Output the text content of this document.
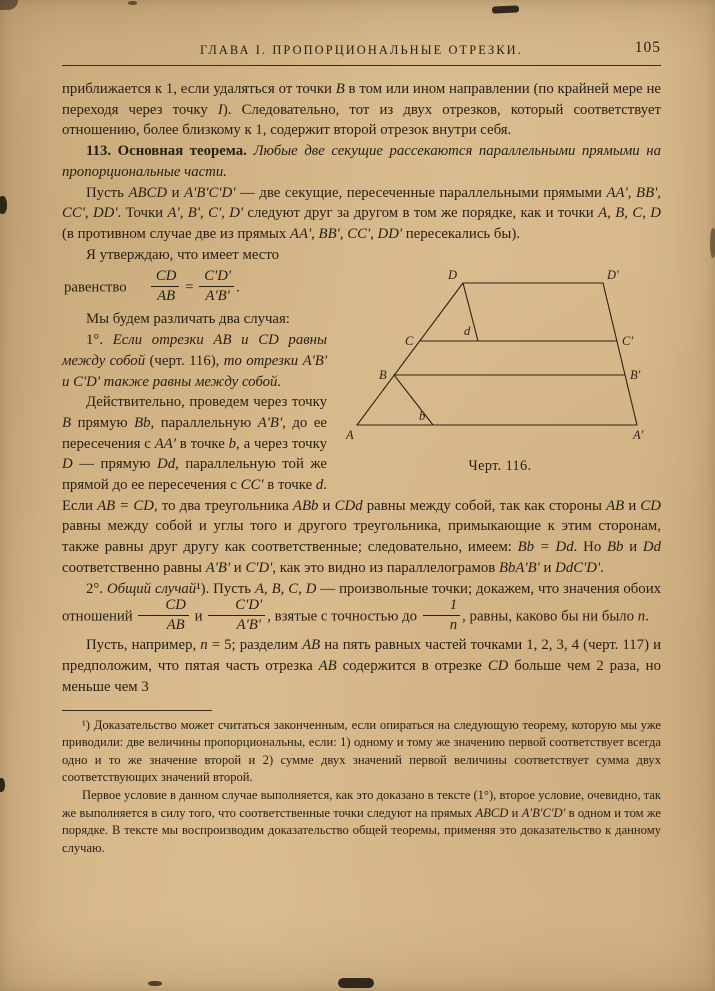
ГЛАВА I. ПРОПОРЦИОНАЛЬНЫЕ ОТРЕЗКИ.	105

приближается к 1, если удаляться от точки B в том или ином направлении (по крайней мере не переходя через точку I). Следовательно, тот из двух отрезков, который соответствует отношению, более близкому к 1, содержит второй отрезок внутри себя.

113. Основная теорема. Любые две секущие рассекаются параллельными прямыми на пропорциональные части.

Пусть ABCD и A'B'C'D' — две секущие, пересеченные параллельными прямыми AA', BB', CC', DD'. Точки A', B', C', D' следуют друг за другом в том же порядке, как и точки A, B, C, D (в противном случае две из прямых AA', BB', CC', DD' пересекались бы).

Я утверждаю, что имеет место

A
B
C
D
A'
B'
C'
D'
b
d
Черт. 116.

равенство $\frac{CD}{AB} = \frac{C'D'}{A'B'}$ .

Мы будем различать два случая:

1°. Если отрезки AB и CD равны между собой (черт. 116), то отрезки A'B' и C'D' также равны между собой.

Действительно, проведем через точку B прямую Bb, параллельную A'B', до ее пересечения с AA' в точке b, а через точку D — прямую Dd, параллельную той же прямой до ее пересечения с CC' в точке d. Если AB = CD, то два треугольника ABb и CDd равны между собой, так как стороны AB и CD равны между собой и углы того и другого треугольника, примыкающие к этим сторонам, также равны друг другу как соответственные; следовательно, имеем: Bb = Dd. Но Bb и Dd соответственно равны A'B' и C'D', как это видно из параллелограмов BbA'B' и DdC'D'.

2°. Общий случай¹). Пусть A, B, C, D — произвольные точки; докажем, что значения обоих отношений $\frac{CD}{AB}$ и $\frac{C'D'}{A'B'}$ , взятые с точностью до $\frac{1}{n}$ , равны, каково бы ни было n.

Пусть, например, n = 5; разделим AB на пять равных частей точками 1, 2, 3, 4 (черт. 117) и предположим, что пятая часть отрезка AB содержится в отрезке CD больше чем 2 раза, но меньше чем 3

¹) Доказательство может считаться законченным, если опираться на следующую теорему, которую мы уже приводили: две величины пропорциональны, если: 1) одному и тому же значению первой соответствует всегда одно и то же значение второй и 2) сумме двух значений первой величины соответствует сумма двух соответствующих значений второй.

Первое условие в данном случае выполняется, как это доказано в тексте (1°), второе условие, очевидно, так же выполняется в силу того, что соответственные точки следуют на прямых ABCD и A'B'C'D' в одном и том же порядке. В тексте мы воспроизводим доказательство общей теоремы, применяя это доказательство к данному случаю.
